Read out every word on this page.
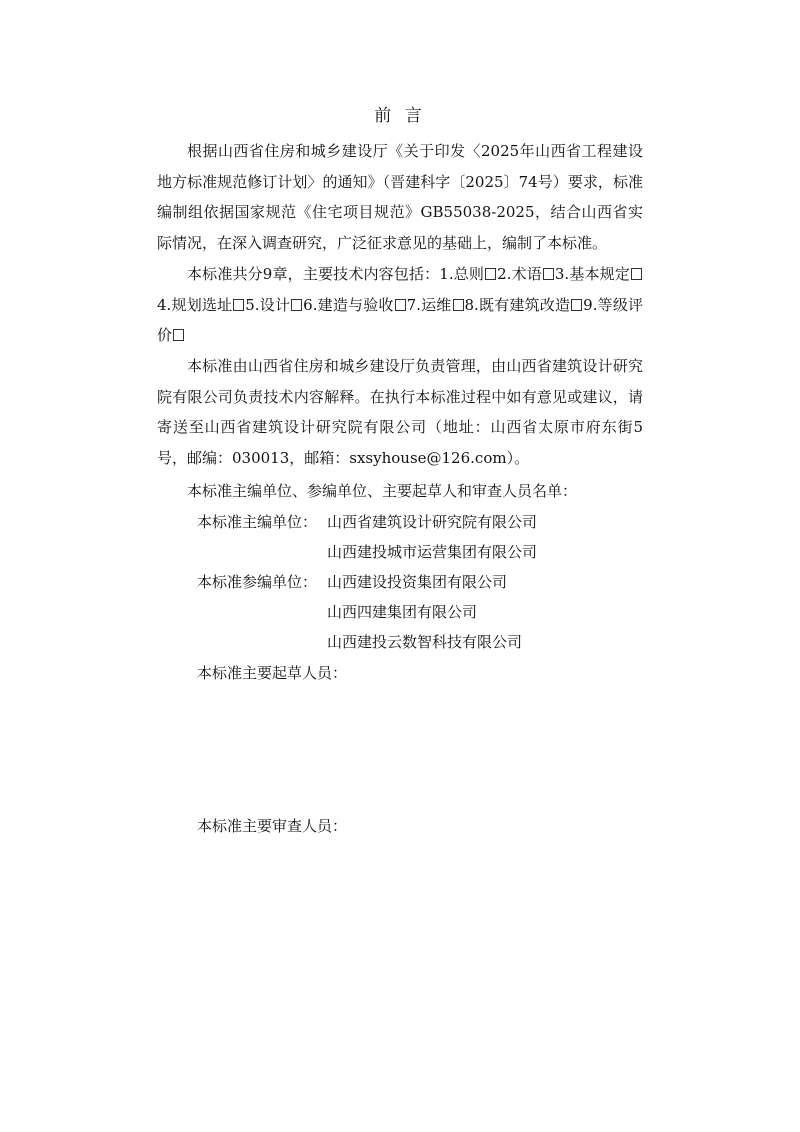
前 言

根据山西省住房和城乡建设厅《关于印发〈2025年山西省工程建设地方标准规范修订计划〉的通知》（晋建科字〔2025〕74号）要求，标准编制组依据国家规范《住宅项目规范》GB55038-2025，结合山西省实际情况，在深入调查研究，广泛征求意见的基础上，编制了本标准。

本标准共分9章，主要技术内容包括：1.总则 2.术语 3.基本规定4.规划选址 5.设计 6.建造与验收 7.运维 8.既有建筑改造 9.等级评价

本标准由山西省住房和城乡建设厅负责管理，由山西省建筑设计研究院有限公司负责技术内容解释。在执行本标准过程中如有意见或建议，请寄送至山西省建筑设计研究院有限公司（地址：山西省太原市府东街5号，邮编：030013，邮箱：sxsyhouse@126.com）。

本标准主编单位、参编单位、主要起草人和审查人员名单：

本标准主编单位： 山西省建筑设计研究院有限公司
山西建投城市运营集团有限公司
本标准参编单位： 山西建设投资集团有限公司
山西四建集团有限公司
山西建投云数智科技有限公司
本标准主要起草人员：
本标准主要审查人员：
